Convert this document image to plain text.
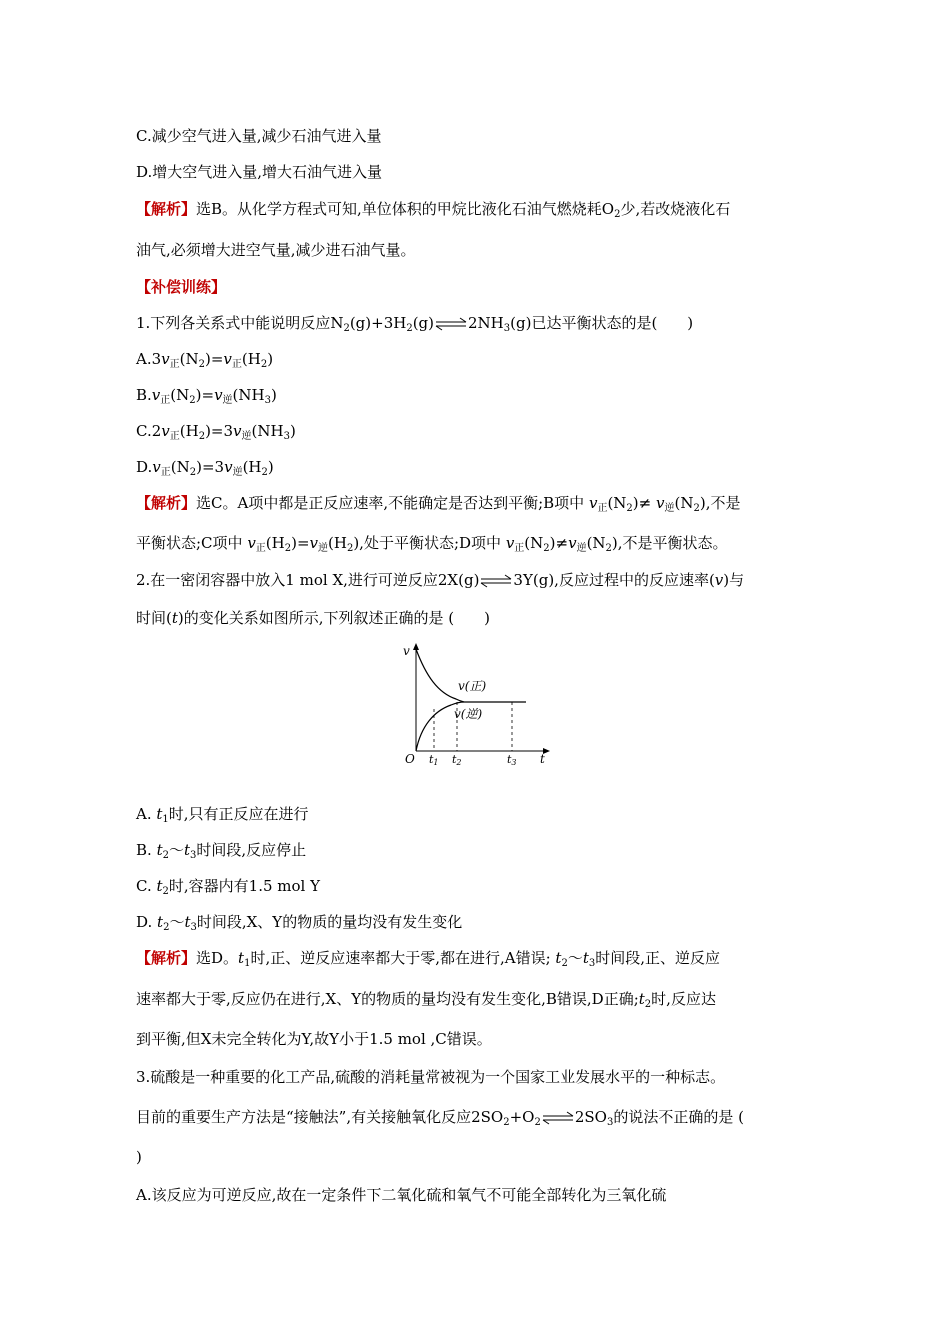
C.减少空气进入量,减少石油气进入量
D.增大空气进入量,增大石油气进入量
【解析】选B。从化学方程式可知,单位体积的甲烷比液化石油气燃烧耗$O_2$少,若改烧液化石
油气,必须增大进空气量,减少进石油气量。
【补偿训练】
1.下列各关系式中能说明反应$N_2(g)+3H_2(g)\rightleftharpoons 2NH_3(g)$已达平衡状态的是(　　)
$A.3v_正(N_2)=v_正(H_2)$
$B.v_正(N_2)=v_逆(NH_3)$
$C.2v_正(H_2)=3v_逆(NH_3)$
$D.v_正(N_2)=3v_逆(H_2)$
【解析】选C。A项中都是正反应速率,不能确定是否达到平衡;B项中 $v_正(N_2)\ne v_逆(N_2)$,不是
平衡状态;C项中 $v_正(H_2)=v_逆(H_2)$,处于平衡状态;D项中 $v_正(N_2)\ne v_逆(N_2)$,不是平衡状态。
2.在一密闭容器中放入1 mol X,进行可逆反应2X(g)⇌3Y(g),反应过程中的反应速率(v)与
时间(t)的变化关系如图所示,下列叙述正确的是 (　　)
v
t
O
v(正)
v(逆)
t1 t2	t3
A. $t_1$时,只有正反应在进行
B. $t_2\sim t_3$时间段,反应停止
C. $t_2$时,容器内有1.5 mol Y
D. $t_2\sim t_3$时间段,X、Y的物质的量均没有发生变化
【解析】选D。$t_1$时,正、逆反应速率都大于零,都在进行,A错误; $t_2\sim t_3$时间段,正、逆反应
速率都大于零,反应仍在进行,X、Y的物质的量均没有发生变化,B错误,D正确$;t_2$时,反应达
到平衡,但X未完全转化为Y,故Y小于1.5 mol ,C错误。
3.硫酸是一种重要的化工产品,硫酸的消耗量常被视为一个国家工业发展水平的一种标志。
目前的重要生产方法是“接触法”,有关接触氧化反应$2SO_2+O_2\rightleftharpoons 2SO_3$的说法不正确的是 (
)
A.该反应为可逆反应,故在一定条件下二氧化硫和氧气不可能全部转化为三氧化硫
